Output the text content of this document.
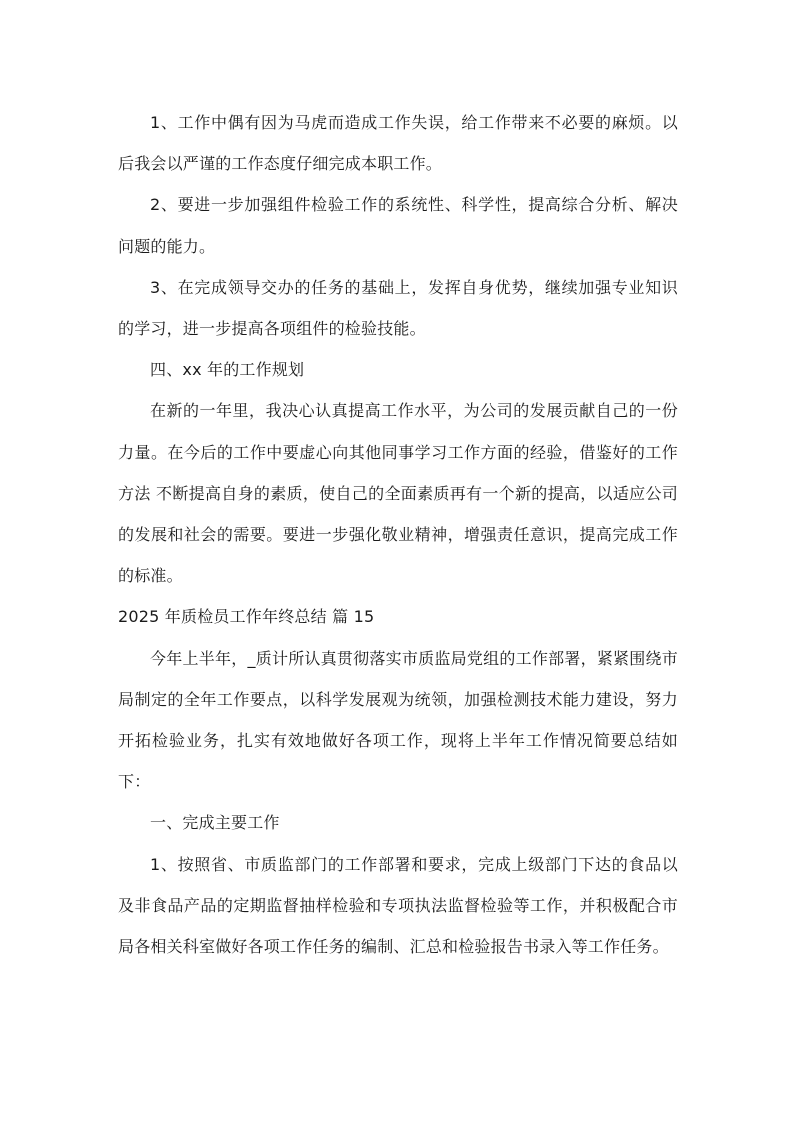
1、工作中偶有因为马虎而造成工作失误，给工作带来不必要的麻烦。以后我会以严谨的工作态度仔细完成本职工作。

2、要进一步加强组件检验工作的系统性、科学性，提高综合分析、解决问题的能力。

3、在完成领导交办的任务的基础上，发挥自身优势，继续加强专业知识的学习，进一步提高各项组件的检验技能。

四、xx 年的工作规划

在新的一年里，我决心认真提高工作水平，为公司的发展贡献自己的一份力量。在今后的工作中要虚心向其他同事学习工作方面的经验，借鉴好的工作方法 不断提高自身的素质，使自己的全面素质再有一个新的提高，以适应公司的发展和社会的需要。要进一步强化敬业精神，增强责任意识，提高完成工作的标准。

2025 年质检员工作年终总结 篇 15

今年上半年，_质计所认真贯彻落实市质监局党组的工作部署，紧紧围绕市局制定的全年工作要点，以科学发展观为统领，加强检测技术能力建设，努力开拓检验业务，扎实有效地做好各项工作，现将上半年工作情况简要总结如下：

一、完成主要工作

1、按照省、市质监部门的工作部署和要求，完成上级部门下达的食品以及非食品产品的定期监督抽样检验和专项执法监督检验等工作，并积极配合市局各相关科室做好各项工作任务的编制、汇总和检验报告书录入等工作任务。
